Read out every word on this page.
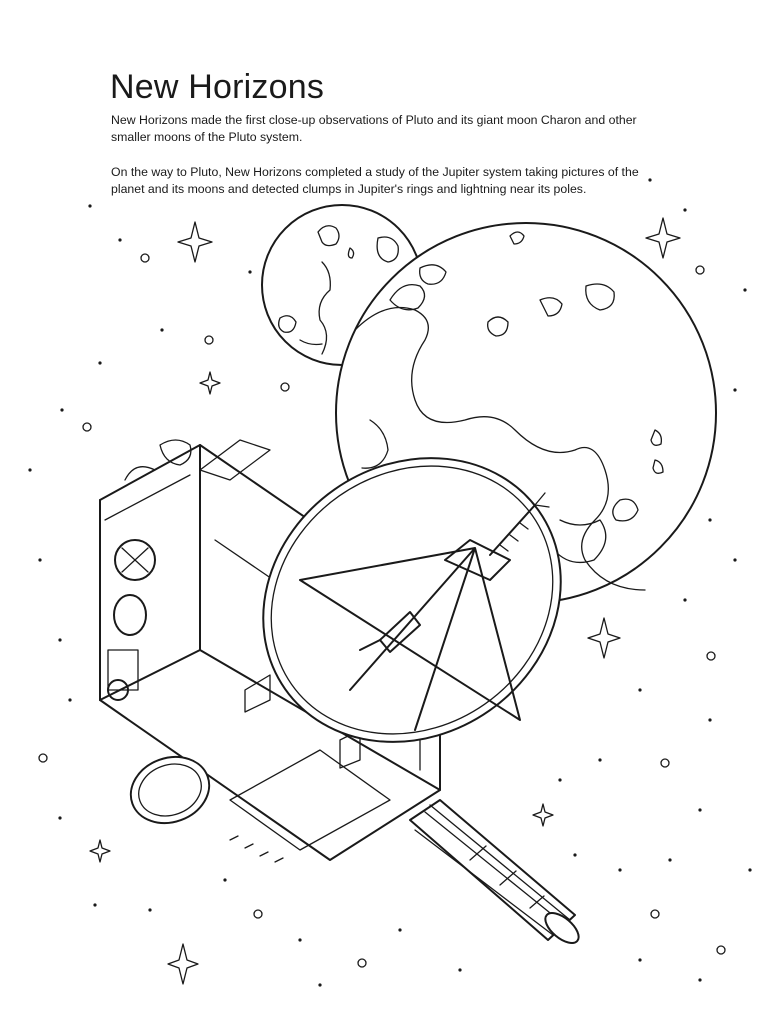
New Horizons

New Horizons made the first close-up observations of Pluto and its giant moon Charon and other smaller moons of the Pluto system.

On the way to Pluto, New Horizons completed a study of the Jupiter system taking pictures of the planet and its moons and detected clumps in Jupiter's rings and lightning near its poles.
